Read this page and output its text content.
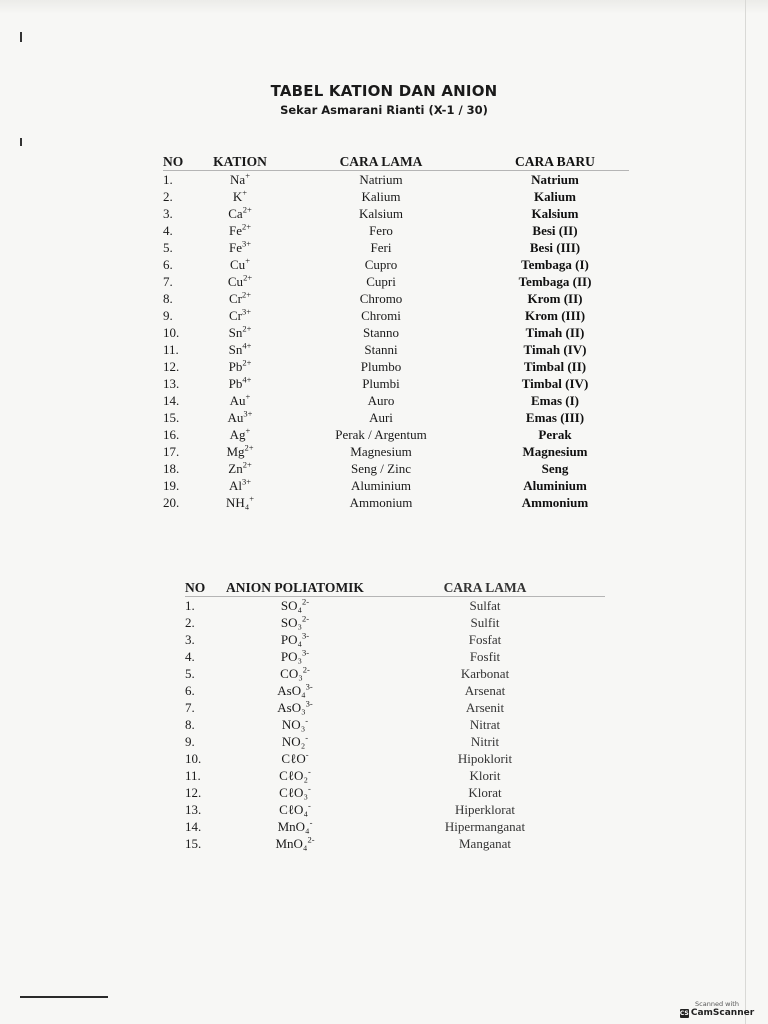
TABEL KATION DAN ANION
Sekar Asmarani Rianti (X-1 / 30)
NO	KATION	CARA LAMA	CARA BARU
1.	Na+	Natrium	Natrium
2.	K+	Kalium	Kalium
3.	$Ca^{2+}$	Kalsium	Kalsium
4.	$Fe^{2+}$	Fero	Besi (II)
5.	$Fe^{3+}$	Feri	Besi (III)
6.	Cu+	Cupro	Tembaga (I)
7.	$Cu^{2+}$	Cupri	Tembaga (II)
8.	$Cr^{2+}$	Chromo	Krom (II)
9.	$Cr^{3+}$	Chromi	Krom (III)
10.	$Sn^{2+}$	Stanno	Timah (II)
11.	$Sn^{4+}$	Stanni	Timah (IV)
12.	$Pb^{2+}$	Plumbo	Timbal (II)
13.	$Pb^{4+}$	Plumbi	Timbal (IV)
14.	Au+	Auro	Emas (I)
15.	$Au^{3+}$	Auri	Emas (III)
16.	Ag+	Perak / Argentum	Perak
17.	$Mg^{2+}$	Magnesium	Magnesium
18.	$Zn^{2+}$	Seng / Zinc	Seng
19.	$Al^{3+}$	Aluminium	Aluminium
20.	NH₄+	Ammonium	Ammonium
NO	ANION POLIATOMIK	CARA LAMA
1.	SO₄$^{2-}$	Sulfat
2.	SO₃$^{2-}$	Sulfit
3.	PO₄$^{3-}$	Fosfat
4.	PO₃$^{3-}$	Fosfit
5.	CO₃$^{2-}$	Karbonat
6.	AsO₄$^{3-}$	Arsenat
7.	AsO₃$^{3-}$	Arsenit
8.	NO₃-	Nitrat
9.	NO₂-	Nitrit
10.	CℓO-	Hipoklorit
11.	CℓO₂-	Klorit
12.	CℓO₃-	Klorat
13.	CℓO₄-	Hiperklorat
14.	MnO₄-	Hipermanganat
15.	MnO₄$^{2-}$	Manganat
Scanned with
CS CamScanner
